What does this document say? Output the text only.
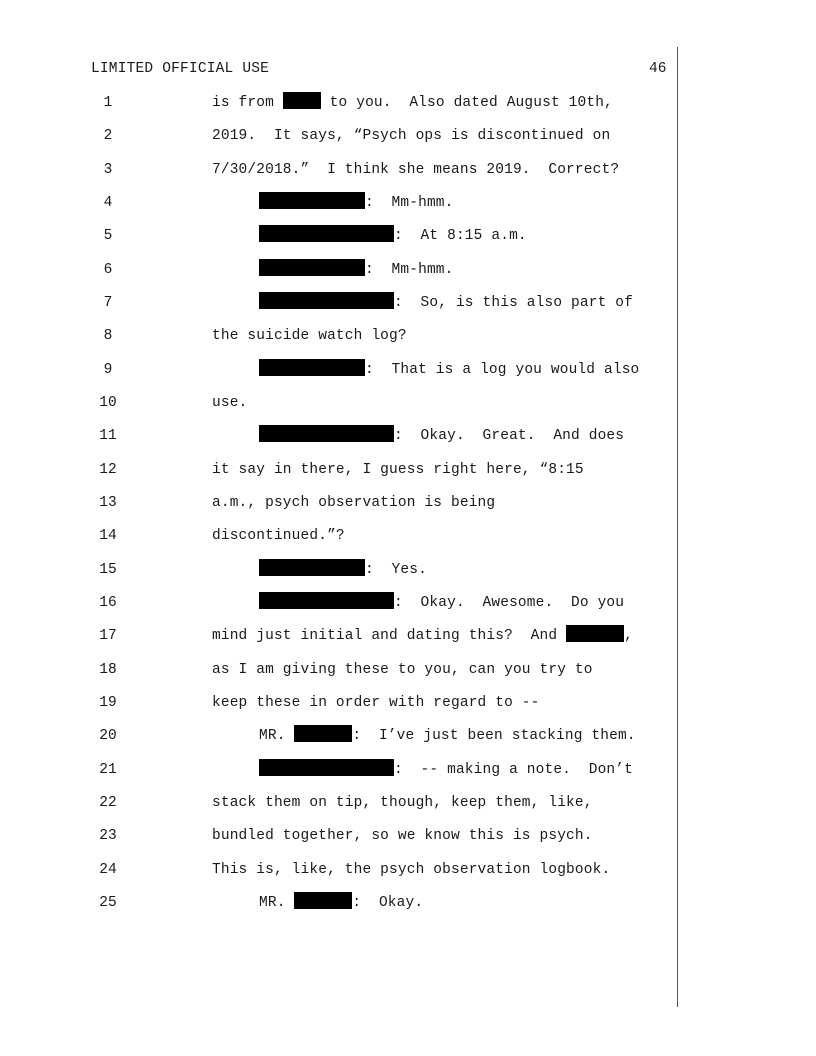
LIMITED OFFICIAL USE	46
1	is from	to you.  Also dated August 10th,
2	2019.  It says, “Psych ops is discontinued on
3	7/30/2018.”  I think she means 2019.  Correct?
4	:  Mm-hmm.
5	:  At 8:15 a.m.
6	:  Mm-hmm.
7	:  So, is this also part of
8	the suicide watch log?
9	:  That is a log you would also
10	use.
11	:  Okay.  Great.  And does
12	it say in there, I guess right here, “8:15
13	a.m., psych observation is being
14	discontinued.”?
15	:  Yes.
16	:  Okay.  Awesome.  Do you
17	mind just initial and dating this?  And	,
18	as I am giving these to you, can you try to
19	keep these in order with regard to --
20	MR.	:  I’ve just been stacking them.
21	:  -- making a note.  Don’t
22	stack them on tip, though, keep them, like,
23	bundled together, so we know this is psych.
24	This is, like, the psych observation logbook.
25	MR.	:  Okay.
